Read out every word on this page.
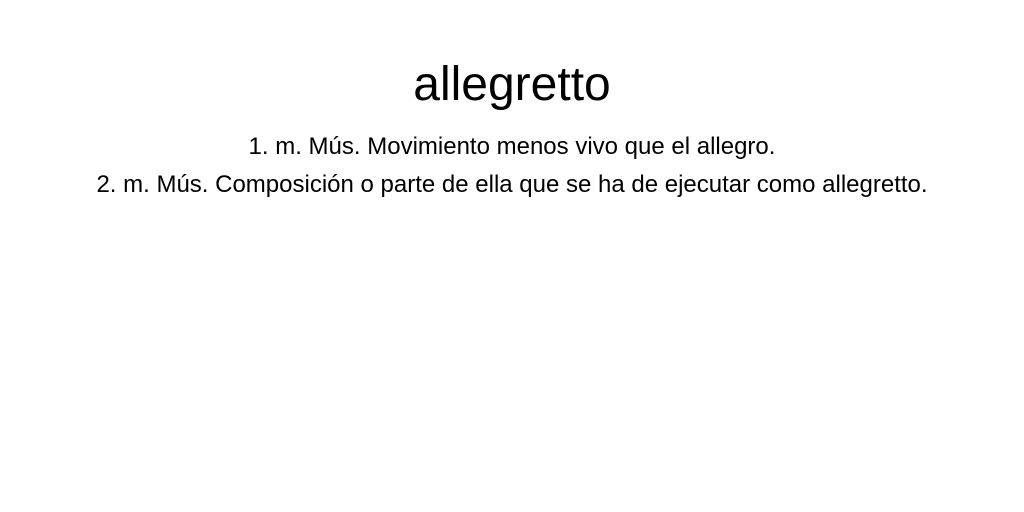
allegretto
1. m. Mús. Movimiento menos vivo que el allegro.
2. m. Mús. Composición o parte de ella que se ha de ejecutar como allegretto.
